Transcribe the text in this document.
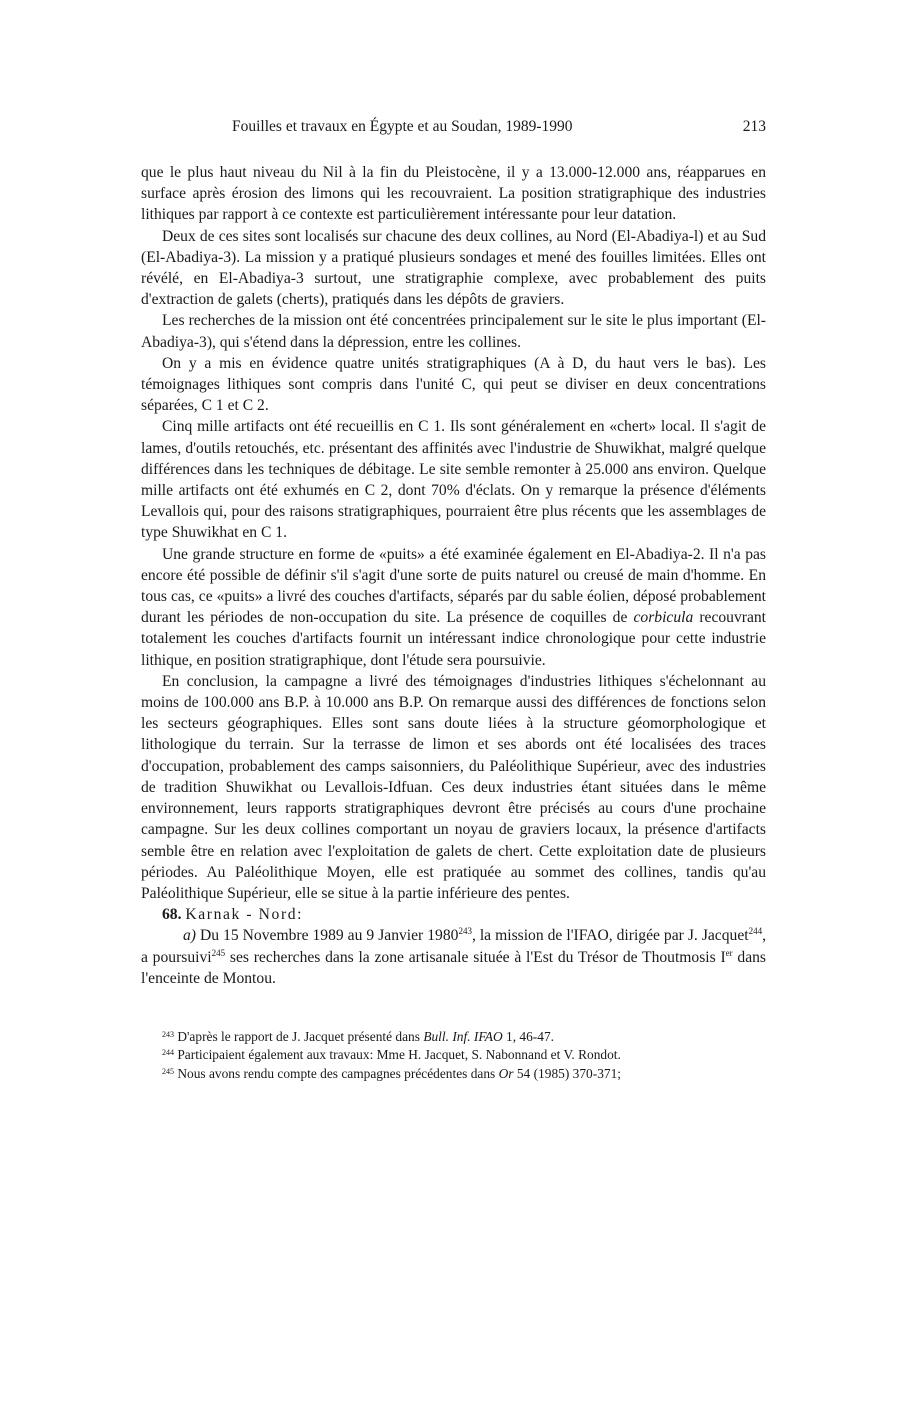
Fouilles et travaux en Égypte et au Soudan, 1989-1990	213

que le plus haut niveau du Nil à la fin du Pleistocène, il y a 13.000-12.000 ans, réapparues en surface après érosion des limons qui les recouvraient. La position stratigraphique des industries lithiques par rapport à ce contexte est particulièrement intéressante pour leur datation.

Deux de ces sites sont localisés sur chacune des deux collines, au Nord (El-Abadiya-l) et au Sud (El-Abadiya-3). La mission y a pratiqué plusieurs sondages et mené des fouilles limitées. Elles ont révélé, en El-Abadiya-3 surtout, une stratigraphie complexe, avec probablement des puits d'extraction de galets (cherts), pratiqués dans les dépôts de graviers.

Les recherches de la mission ont été concentrées principalement sur le site le plus important (El-Abadiya-3), qui s'étend dans la dépression, entre les collines.

On y a mis en évidence quatre unités stratigraphiques (A à D, du haut vers le bas). Les témoignages lithiques sont compris dans l'unité C, qui peut se diviser en deux concentrations séparées, C 1 et C 2.

Cinq mille artifacts ont été recueillis en C 1. Ils sont généralement en «chert» local. Il s'agit de lames, d'outils retouchés, etc. présentant des affinités avec l'industrie de Shuwikhat, malgré quelque différences dans les techniques de débitage. Le site semble remonter à 25.000 ans environ. Quelque mille artifacts ont été exhumés en C 2, dont 70% d'éclats. On y remarque la présence d'éléments Levallois qui, pour des raisons stratigraphiques, pourraient être plus récents que les assemblages de type Shuwikhat en C 1.

Une grande structure en forme de «puits» a été examinée également en El-Abadiya-2. Il n'a pas encore été possible de définir s'il s'agit d'une sorte de puits naturel ou creusé de main d'homme. En tous cas, ce «puits» a livré des couches d'artifacts, séparés par du sable éolien, déposé probablement durant les périodes de non-occupation du site. La présence de coquilles de corbicula recouvrant totalement les couches d'artifacts fournit un intéressant indice chronologique pour cette industrie lithique, en position stratigraphique, dont l'étude sera poursuivie.

En conclusion, la campagne a livré des témoignages d'industries lithiques s'échelonnant au moins de 100.000 ans B.P. à 10.000 ans B.P. On remarque aussi des différences de fonctions selon les secteurs géographiques. Elles sont sans doute liées à la structure géomorphologique et lithologique du terrain. Sur la terrasse de limon et ses abords ont été localisées des traces d'occupation, probablement des camps saisonniers, du Paléolithique Supérieur, avec des industries de tradition Shuwikhat ou Levallois-Idfuan. Ces deux industries étant situées dans le même environnement, leurs rapports stratigraphiques devront être précisés au cours d'une prochaine campagne. Sur les deux collines comportant un noyau de graviers locaux, la présence d'artifacts semble être en relation avec l'exploitation de galets de chert. Cette exploitation date de plusieurs périodes. Au Paléolithique Moyen, elle est pratiquée au sommet des collines, tandis qu'au Paléolithique Supérieur, elle se situe à la partie inférieure des pentes.

68. Karnak - Nord:

a) Du 15 Novembre 1989 au 9 Janvier 1980$^{243}$, la mission de l'IFAO, dirigée par J. Jacquet$^{244}$, a poursuivi$^{245}$ ses recherches dans la zone artisanale située à l'Est du Trésor de Thoutmosis Ier dans l'enceinte de Montou.

$^{243}$ D'après le rapport de J. Jacquet présenté dans Bull. Inf. IFAO 1, 46-47.

$^{244}$ Participaient également aux travaux: Mme H. Jacquet, S. Nabonnand et V. Rondot.

$^{245}$ Nous avons rendu compte des campagnes précédentes dans Or 54 (1985) 370-371;
